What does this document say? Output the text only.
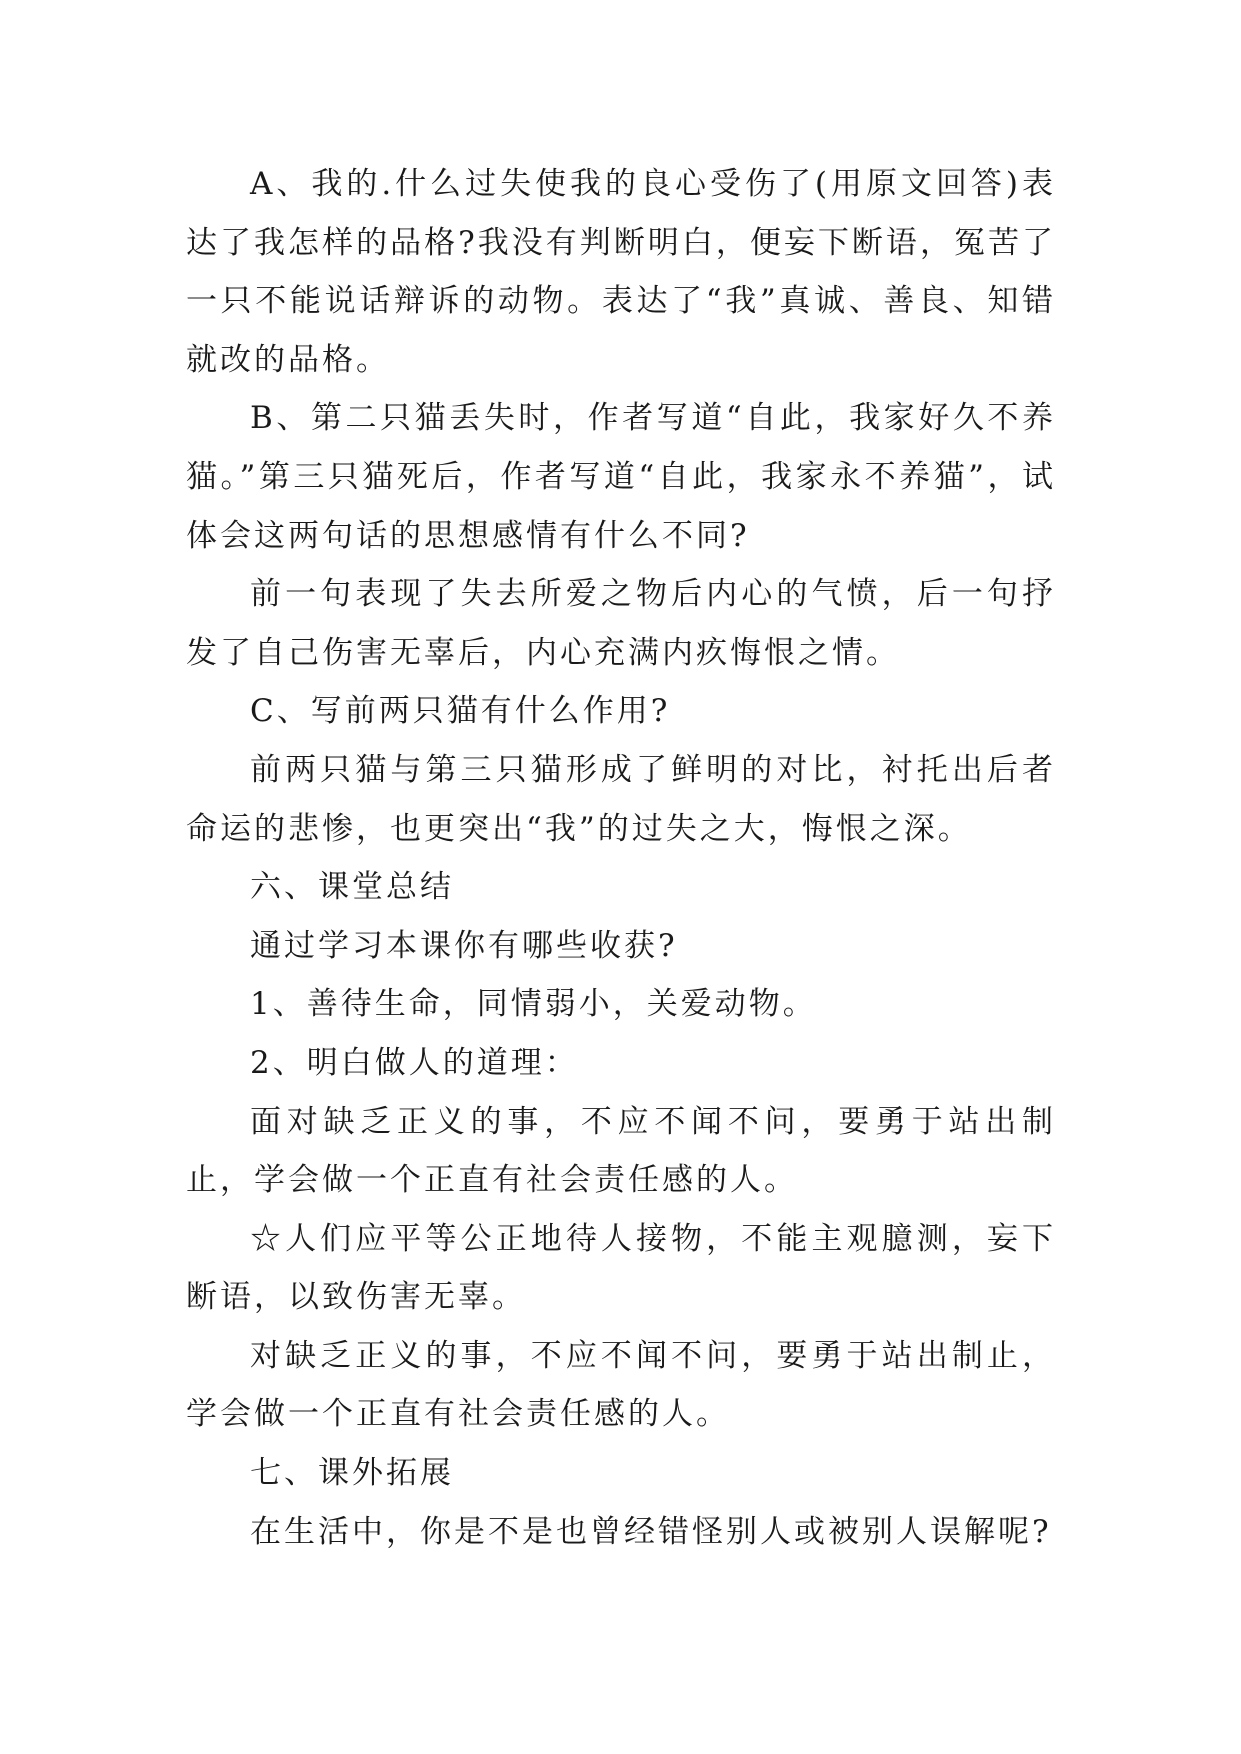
A、我的.什么过失使我的良心受伤了(用原文回答)表达了我怎样的品格?我没有判断明白，便妄下断语，冤苦了一只不能说话辩诉的动物。表达了“我”真诚、善良、知错就改的品格。

B、第二只猫丢失时，作者写道“自此，我家好久不养猫。”第三只猫死后，作者写道“自此，我家永不养猫”，试体会这两句话的思想感情有什么不同?

前一句表现了失去所爱之物后内心的气愤，后一句抒发了自己伤害无辜后，内心充满内疚悔恨之情。

C、写前两只猫有什么作用?

前两只猫与第三只猫形成了鲜明的对比，衬托出后者命运的悲惨，也更突出“我”的过失之大，悔恨之深。

六、课堂总结

通过学习本课你有哪些收获?

1、善待生命，同情弱小，关爱动物。

2、明白做人的道理：

面对缺乏正义的事，不应不闻不问，要勇于站出制止，学会做一个正直有社会责任感的人。

☆人们应平等公正地待人接物，不能主观臆测，妄下断语，以致伤害无辜。

对缺乏正义的事，不应不闻不问，要勇于站出制止，学会做一个正直有社会责任感的人。

七、课外拓展

在生活中，你是不是也曾经错怪别人或被别人误解呢?
